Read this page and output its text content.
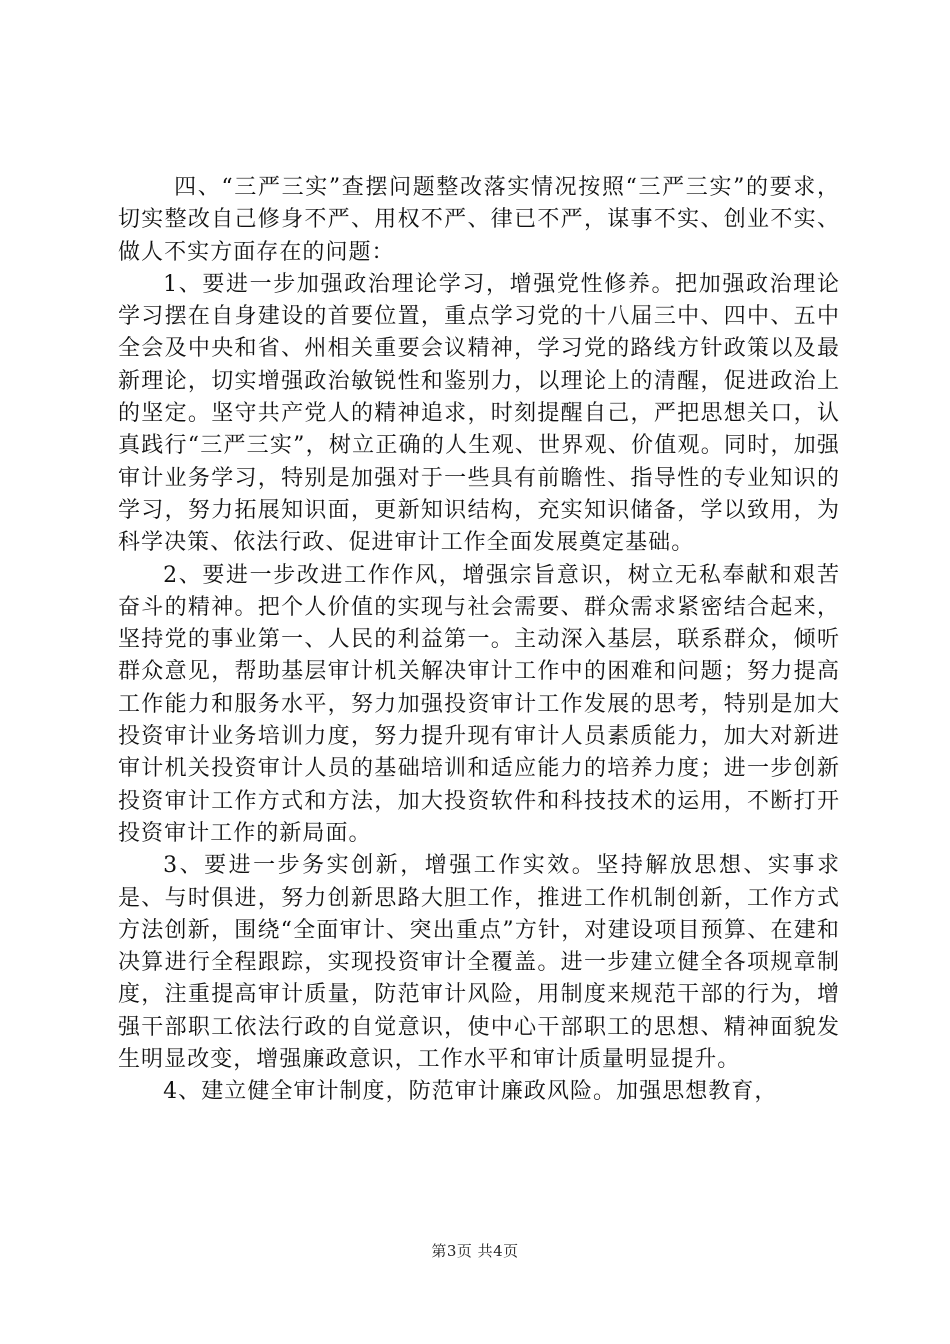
四、“三严三实”查摆问题整改落实情况按照“三严三实”的要求，切实整改自己修身不严、用权不严、律已不严，谋事不实、创业不实、做人不实方面存在的问题：

1、要进一步加强政治理论学习，增强党性修养。把加强政治理论学习摆在自身建设的首要位置，重点学习党的十八届三中、四中、五中全会及中央和省、州相关重要会议精神，学习党的路线方针政策以及最新理论，切实增强政治敏锐性和鉴别力，以理论上的清醒，促进政治上的坚定。坚守共产党人的精神追求，时刻提醒自己，严把思想关口，认真践行“三严三实”，树立正确的人生观、世界观、价值观。同时，加强审计业务学习，特别是加强对于一些具有前瞻性、指导性的专业知识的学习，努力拓展知识面，更新知识结构，充实知识储备，学以致用，为科学决策、依法行政、促进审计工作全面发展奠定基础。

2、要进一步改进工作作风，增强宗旨意识，树立无私奉献和艰苦奋斗的精神。把个人价值的实现与社会需要、群众需求紧密结合起来，坚持党的事业第一、人民的利益第一。主动深入基层，联系群众，倾听群众意见，帮助基层审计机关解决审计工作中的困难和问题；努力提高工作能力和服务水平，努力加强投资审计工作发展的思考，特别是加大投资审计业务培训力度，努力提升现有审计人员素质能力，加大对新进审计机关投资审计人员的基础培训和适应能力的培养力度；进一步创新投资审计工作方式和方法，加大投资软件和科技技术的运用，不断打开投资审计工作的新局面。

3、要进一步务实创新，增强工作实效。坚持解放思想、实事求是、与时俱进，努力创新思路大胆工作，推进工作机制创新，工作方式方法创新，围绕“全面审计、突出重点”方针，对建设项目预算、在建和决算进行全程跟踪，实现投资审计全覆盖。进一步建立健全各项规章制度，注重提高审计质量，防范审计风险，用制度来规范干部的行为，增强干部职工依法行政的自觉意识，使中心干部职工的思想、精神面貌发生明显改变，增强廉政意识，工作水平和审计质量明显提升。

4、建立健全审计制度，防范审计廉政风险。加强思想教育，

第3页 共4页
